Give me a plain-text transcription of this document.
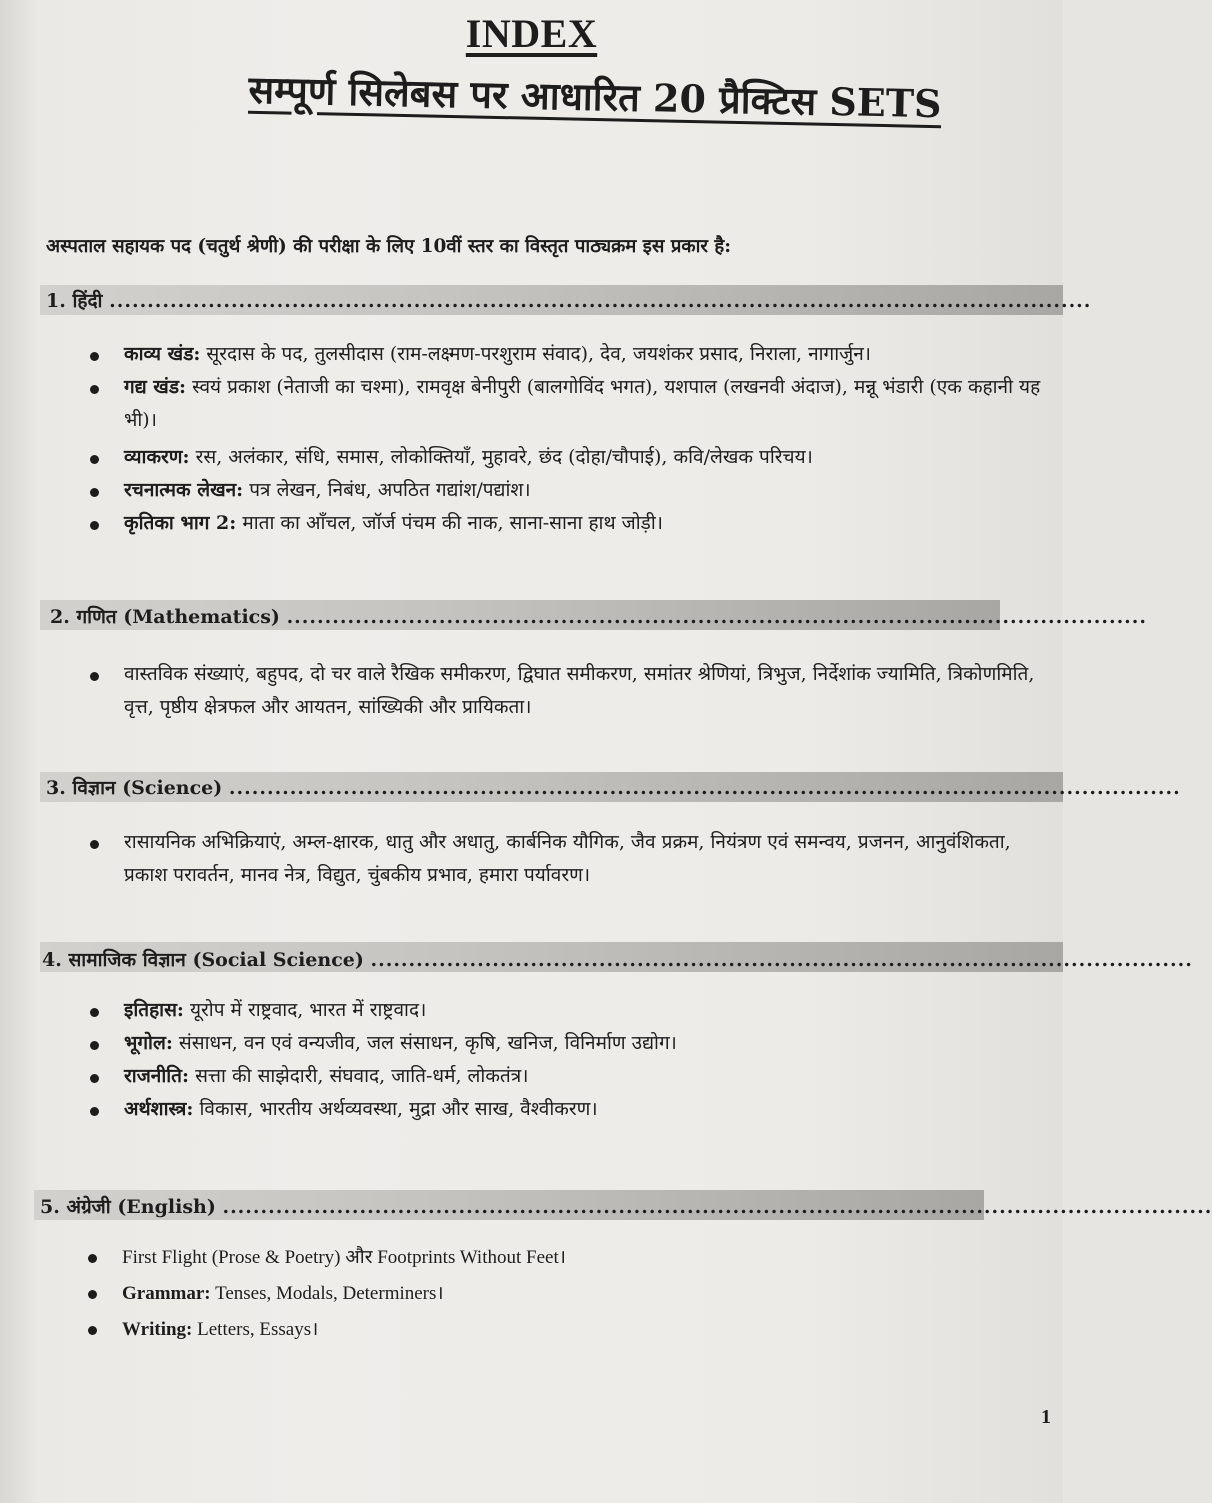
INDEX
सम्पूर्ण सिलेबस पर आधारित 20 प्रैक्टिस SETS
अस्पताल सहायक पद (चतुर्थ श्रेणी) की परीक्षा के लिए 10वीं स्तर का विस्तृत पाठ्यक्रम इस प्रकार है:
1. हिंदी .................................................................................................................................
काव्य खंड: सूरदास के पद, तुलसीदास (राम-लक्ष्मण-परशुराम संवाद), देव, जयशंकर प्रसाद, निराला, नागार्जुन।
गद्य खंड: स्वयं प्रकाश (नेताजी का चश्मा), रामवृक्ष बेनीपुरी (बालगोविंद भगत), यशपाल (लखनवी अंदाज), मन्नू भंडारी (एक कहानी यह भी)।
व्याकरण: रस, अलंकार, संधि, समास, लोकोक्तियाँ, मुहावरे, छंद (दोहा/चौपाई), कवि/लेखक परिचय।
रचनात्मक लेखन: पत्र लेखन, निबंध, अपठित गद्यांश/पद्यांश।
कृतिका भाग 2: माता का आँचल, जॉर्ज पंचम की नाक, साना-साना हाथ जोड़ी।
2. गणित (Mathematics) .................................................................................................................
वास्तविक संख्याएं, बहुपद, दो चर वाले रैखिक समीकरण, द्विघात समीकरण, समांतर श्रेणियां, त्रिभुज, निर्देशांक ज्यामिति, त्रिकोणमिति, वृत्त, पृष्ठीय क्षेत्रफल और आयतन, सांख्यिकी और प्रायिकता।
3. विज्ञान (Science) .............................................................................................................................
रासायनिक अभिक्रियाएं, अम्ल-क्षारक, धातु और अधातु, कार्बनिक यौगिक, जैव प्रक्रम, नियंत्रण एवं समन्वय, प्रजनन, आनुवंशिकता, प्रकाश परावर्तन, मानव नेत्र, विद्युत, चुंबकीय प्रभाव, हमारा पर्यावरण।
4. सामाजिक विज्ञान (Social Science) ............................................................................................................
इतिहास: यूरोप में राष्ट्रवाद, भारत में राष्ट्रवाद।
भूगोल: संसाधन, वन एवं वन्यजीव, जल संसाधन, कृषि, खनिज, विनिर्माण उद्योग।
राजनीति: सत्ता की साझेदारी, संघवाद, जाति-धर्म, लोकतंत्र।
अर्थशास्त्र: विकास, भारतीय अर्थव्यवस्था, मुद्रा और साख, वैश्वीकरण।
5. अंग्रेजी (English) ..................................................................................................................................
First Flight (Prose & Poetry) और Footprints Without Feet।
Grammar: Tenses, Modals, Determiners।
Writing: Letters, Essays।
1
